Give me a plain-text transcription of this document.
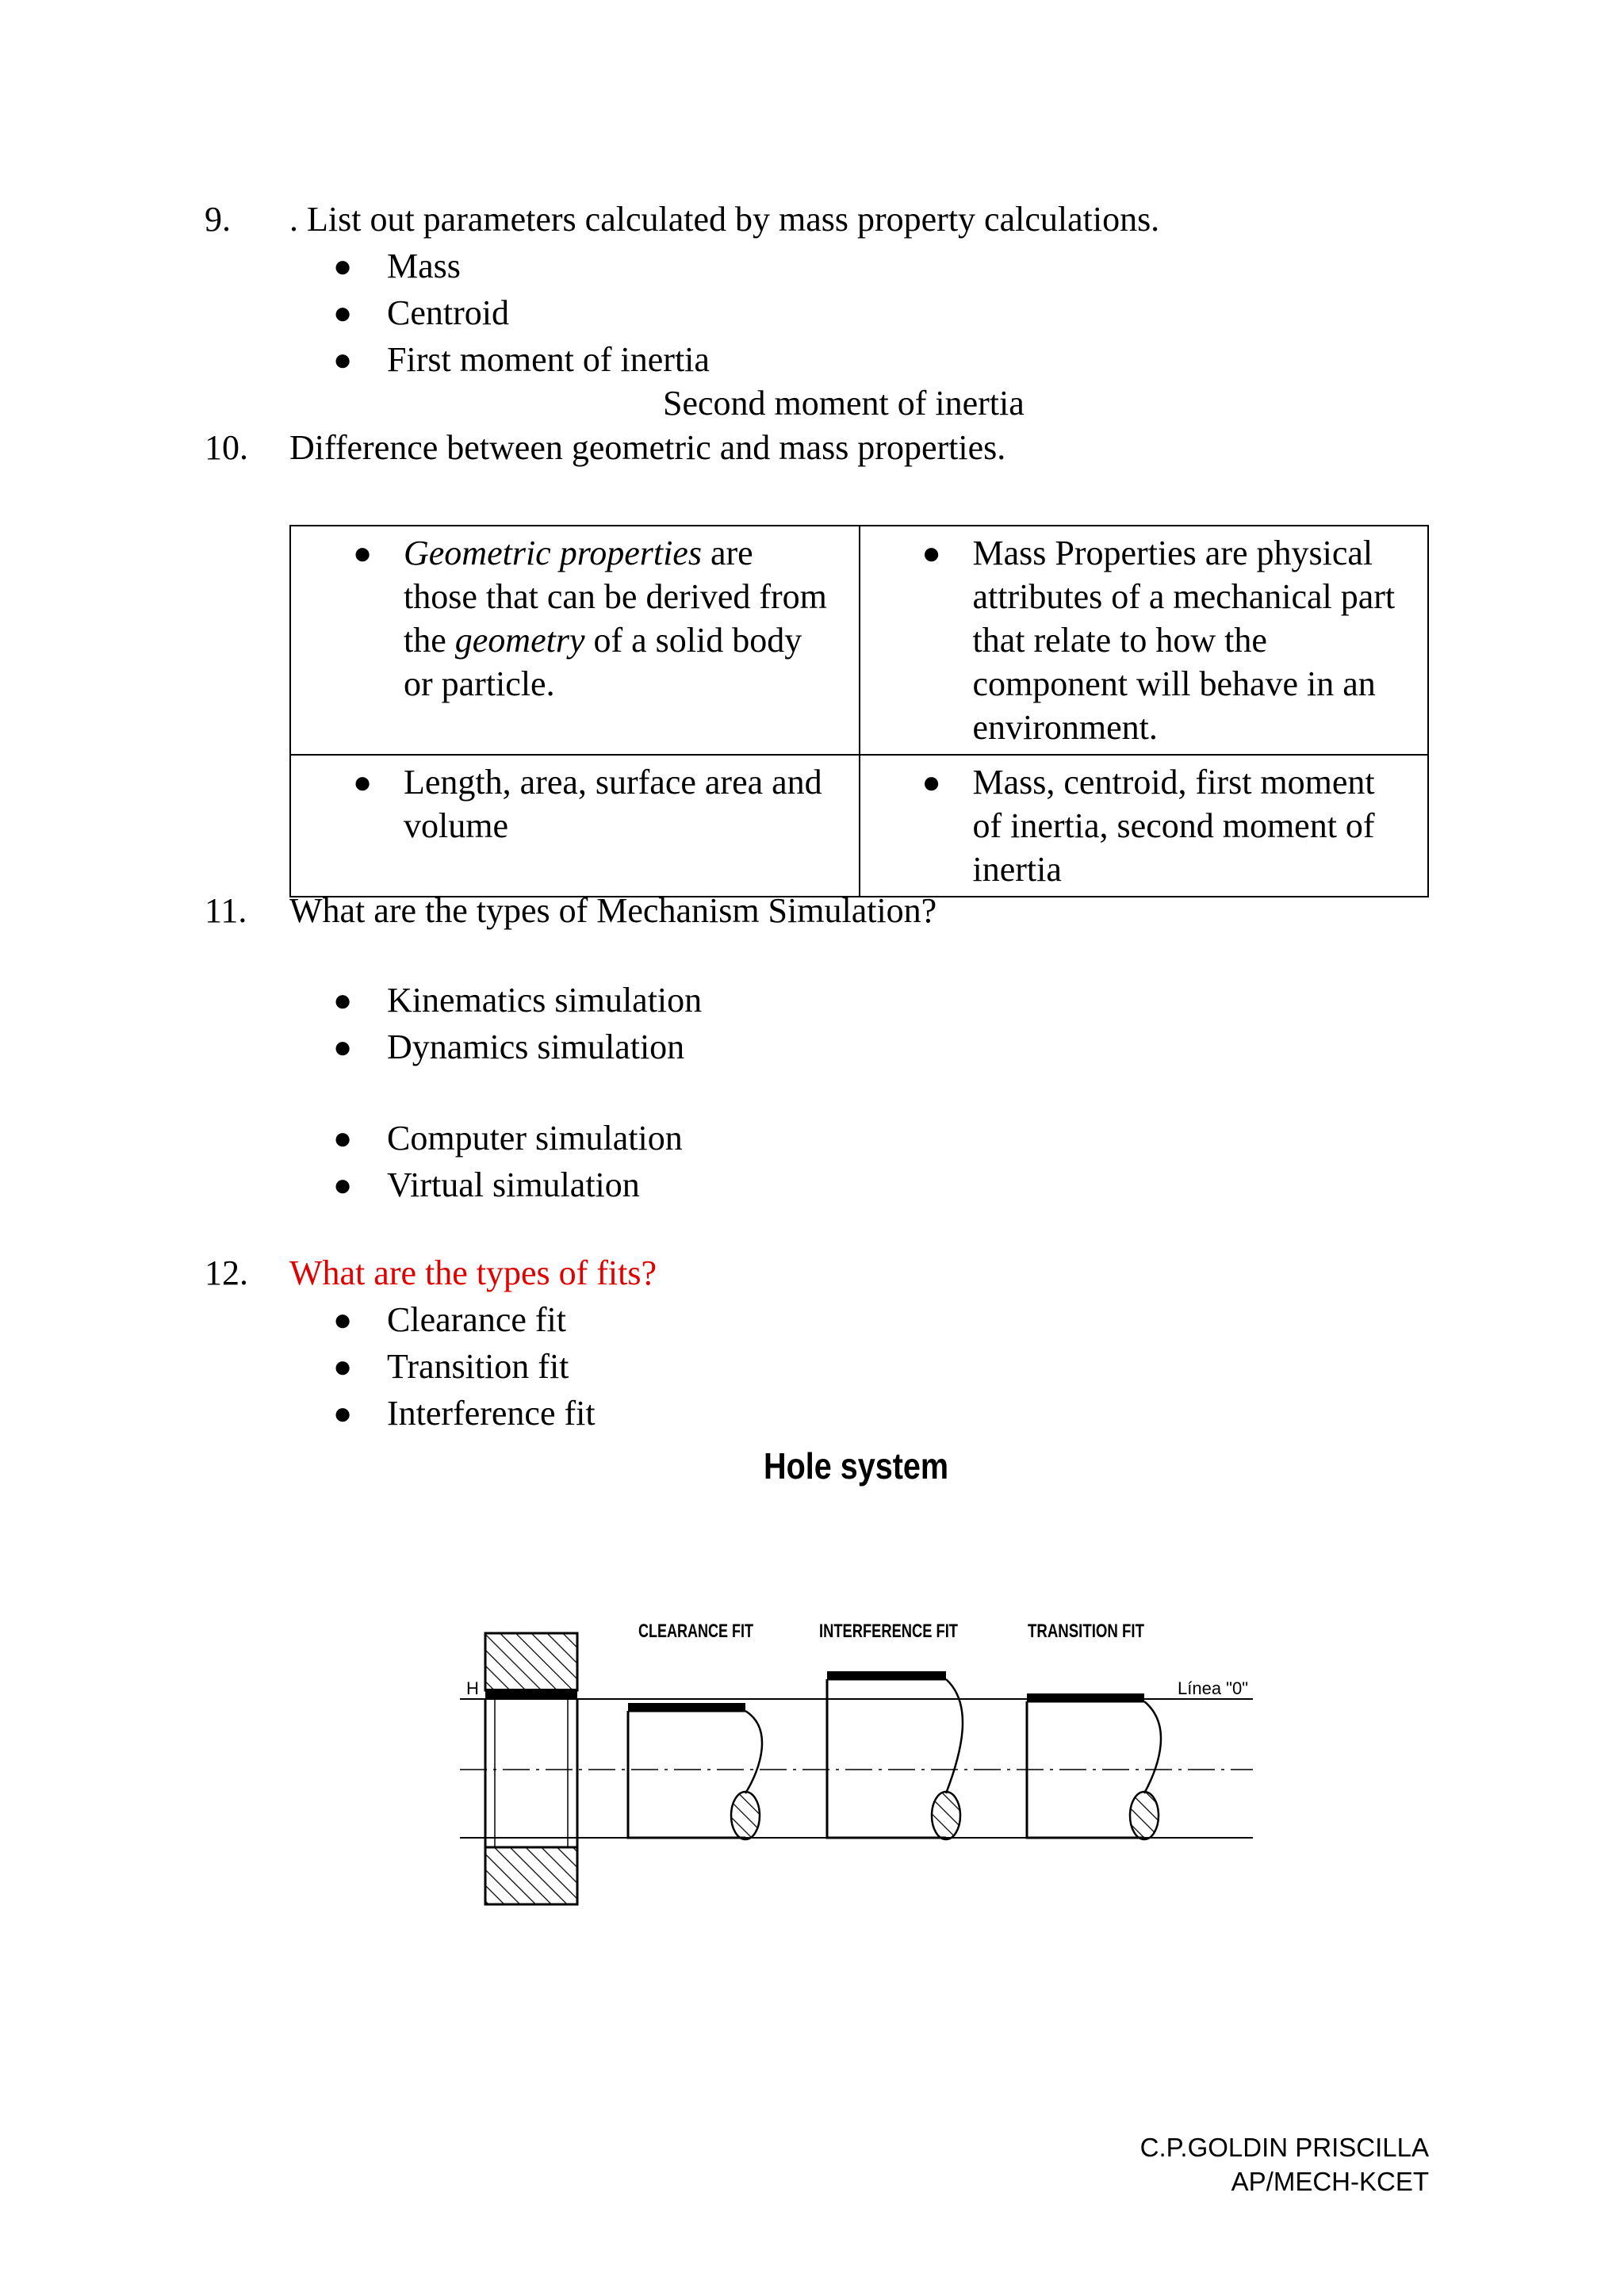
9. . List out parameters calculated by mass property calculations.
● Mass
● Centroid
● First moment of inertia
Second moment of inertia
10. Difference between geometric and mass properties.
● Geometric properties are those that can be derived from the geometry of a solid body or particle.	● Mass Properties are physical attributes of a mechanical part that relate to how the component will behave in an environment.

● Length, area, surface area and volume	● Mass, centroid, first moment of inertia, second moment of inertia
11. What are the types of Mechanism Simulation?
● Kinematics simulation
● Dynamics simulation
● Computer simulation
● Virtual simulation
12. What are the types of fits?
● Clearance fit
● Transition fit
● Interference fit
Hole system
CLEARANCE FIT	INTERFERENCE FIT	TRANSITION FIT
H	Línea "0"
C.P.GOLDIN PRISCILLA
AP/MECH-KCET
